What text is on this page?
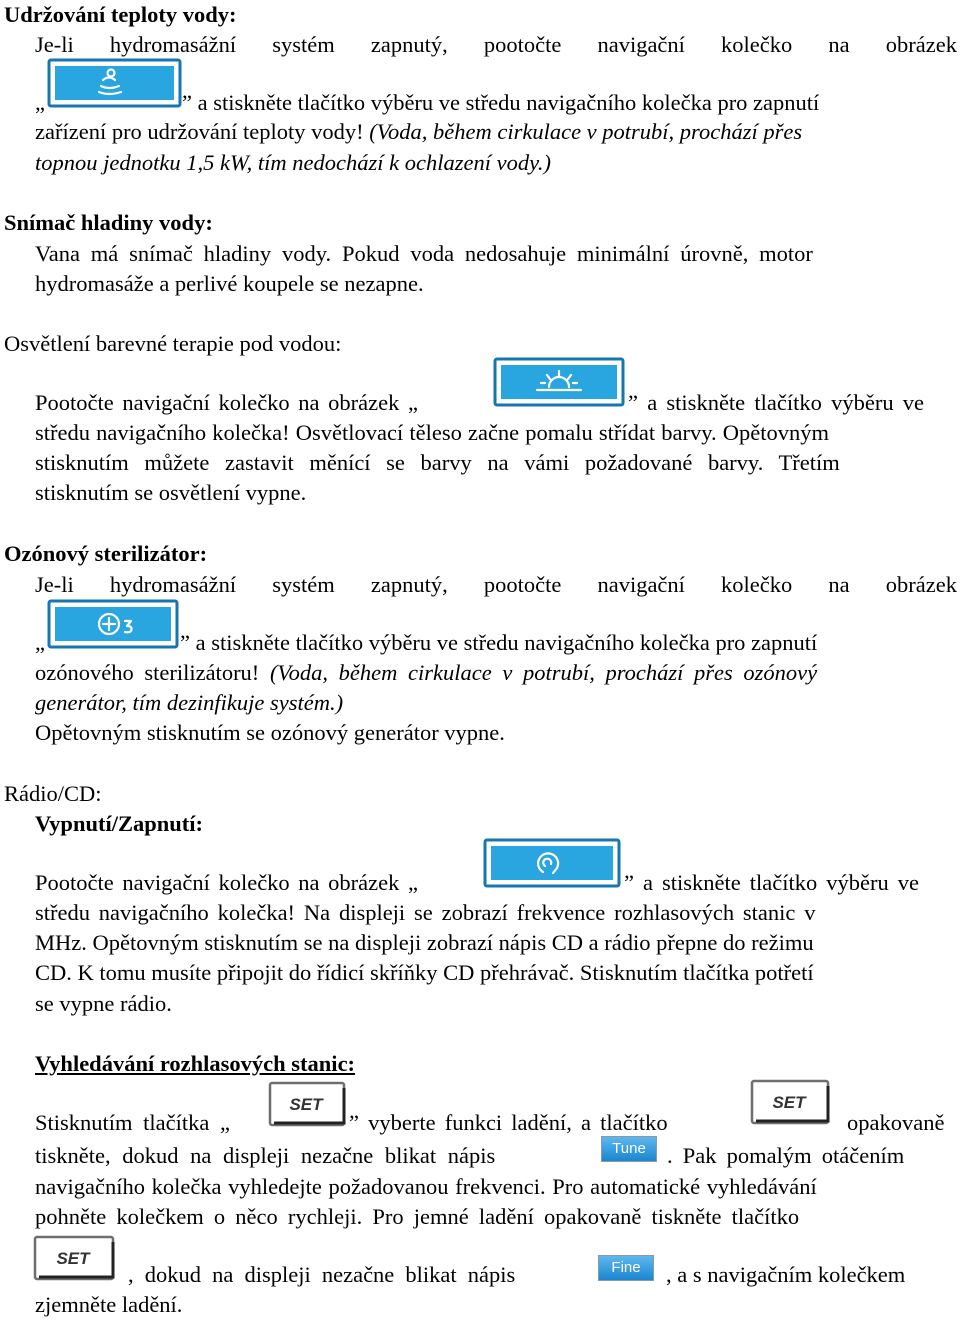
Udržování teploty vody:
Je-li hydromasážní systém zapnutý, pootočte navigační kolečko na obrázek
„	” a stiskněte tlačítko výběru ve středu navigačního kolečka pro zapnutí
zařízení pro udržování teploty vody! (Voda, během cirkulace v potrubí, prochází přes
topnou jednotku 1,5 kW, tím nedochází k ochlazení vody.)
Snímač hladiny vody:
Vana má snímač hladiny vody. Pokud voda nedosahuje minimální úrovně, motor
hydromasáže a perlivé koupele se nezapne.
Osvětlení barevné terapie pod vodou:
Pootočte navigační kolečko na obrázek „	” a stiskněte tlačítko výběru ve
středu navigačního kolečka! Osvětlovací těleso začne pomalu střídat barvy. Opětovným
stisknutím můžete zastavit měnící se barvy na vámi požadované barvy. Třetím
stisknutím se osvětlení vypne.
Ozónový sterilizátor:
Je-li hydromasážní systém zapnutý, pootočte navigační kolečko na obrázek
„	” a stiskněte tlačítko výběru ve středu navigačního kolečka pro zapnutí
ozónového sterilizátoru! (Voda, během cirkulace v potrubí, prochází přes ozónový
generátor, tím dezinfikuje systém.)
Opětovným stisknutím se ozónový generátor vypne.
Rádio/CD:
Vypnutí/Zapnutí:
Pootočte navigační kolečko na obrázek „	” a stiskněte tlačítko výběru ve
středu navigačního kolečka! Na displeji se zobrazí frekvence rozhlasových stanic v
MHz. Opětovným stisknutím se na displeji zobrazí nápis CD a rádio přepne do režimu
CD. K tomu musíte připojit do řídicí skříňky CD přehrávač. Stisknutím tlačítka potřetí
se vypne rádio.
Vyhledávání rozhlasových stanic:
Stisknutím tlačítka „
SET
” vyberte funkci ladění, a tlačítko
SET
opakovaně
tiskněte, dokud na displeji nezačne blikat nápis	Tune . Pak pomalým otáčením
navigačního kolečka vyhledejte požadovanou frekvenci. Pro automatické vyhledávání
pohněte kolečkem o něco rychleji. Pro jemné ladění opakovaně tiskněte tlačítko
SET
, dokud na displeji nezačne blikat nápis	Fine	, a s navigačním kolečkem
zjemněte ladění.
